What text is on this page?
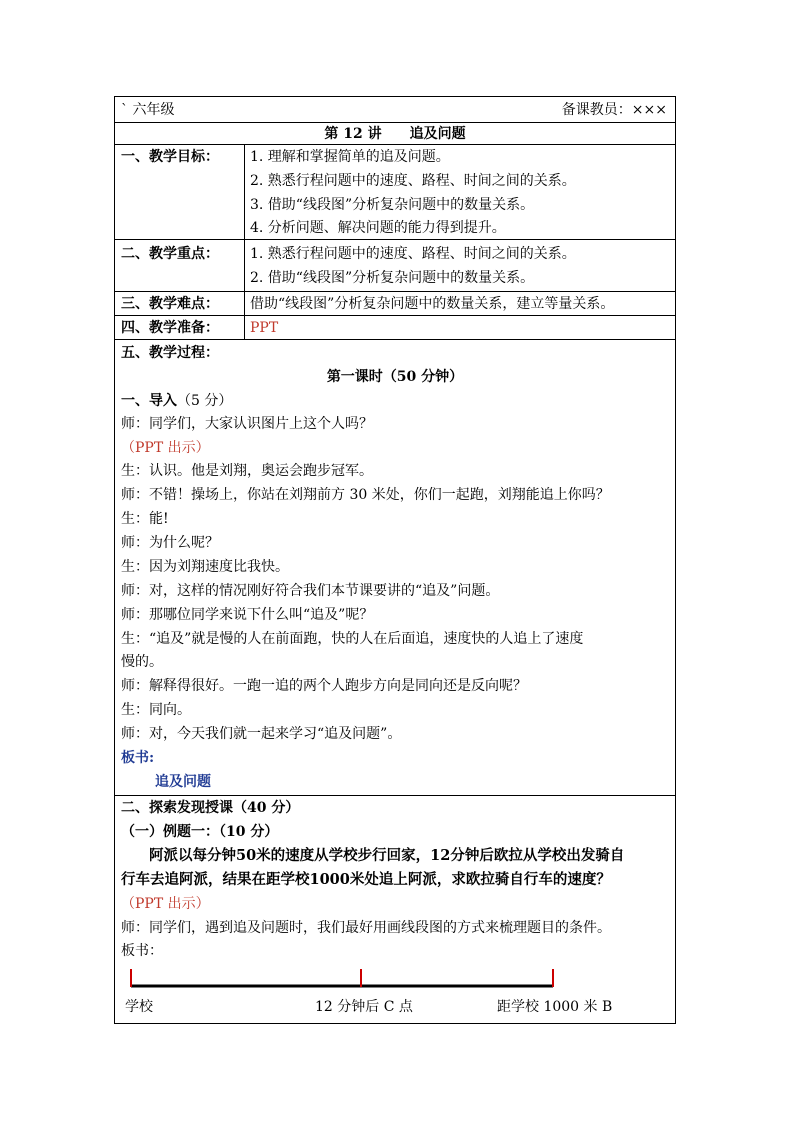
` 六年级	备课教员：×××
第 12 讲　　追及问题
一、教学目标： 1. 理解和掌握简单的追及问题。
2. 熟悉行程问题中的速度、路程、时间之间的关系。
3. 借助“线段图”分析复杂问题中的数量关系。
4. 分析问题、解决问题的能力得到提升。
二、教学重点： 1. 熟悉行程问题中的速度、路程、时间之间的关系。
2. 借助“线段图”分析复杂问题中的数量关系。
三、教学难点： 借助“线段图”分析复杂问题中的数量关系，建立等量关系。
四、教学准备： PPT
五、教学过程：
第一课时（50 分钟）
一、导入（5 分）
师：同学们，大家认识图片上这个人吗？
（PPT 出示）
生：认识。他是刘翔，奥运会跑步冠军。
师：不错！操场上，你站在刘翔前方 30 米处，你们一起跑，刘翔能追上你吗？
生：能!
师：为什么呢？
生：因为刘翔速度比我快。
师：对，这样的情况刚好符合我们本节课要讲的“追及”问题。
师：那哪位同学来说下什么叫“追及”呢？
生：“追及”就是慢的人在前面跑，快的人在后面追，速度快的人追上了速度
慢的。
师：解释得很好。一跑一追的两个人跑步方向是同向还是反向呢？
生：同向。
师：对，今天我们就一起来学习“追及问题”。
板书:
追及问题
二、探索发现授课（40 分）
（一）例题一：（10 分）
阿派以每分钟50米的速度从学校步行回家，12分钟后欧拉从学校出发骑自
行车去追阿派，结果在距学校1000米处追上阿派，求欧拉骑自行车的速度？
（PPT 出示）
师：同学们，遇到追及问题时，我们最好用画线段图的方式来梳理题目的条件。
板书：
学校	12 分钟后 C 点	距学校 1000 米 B
